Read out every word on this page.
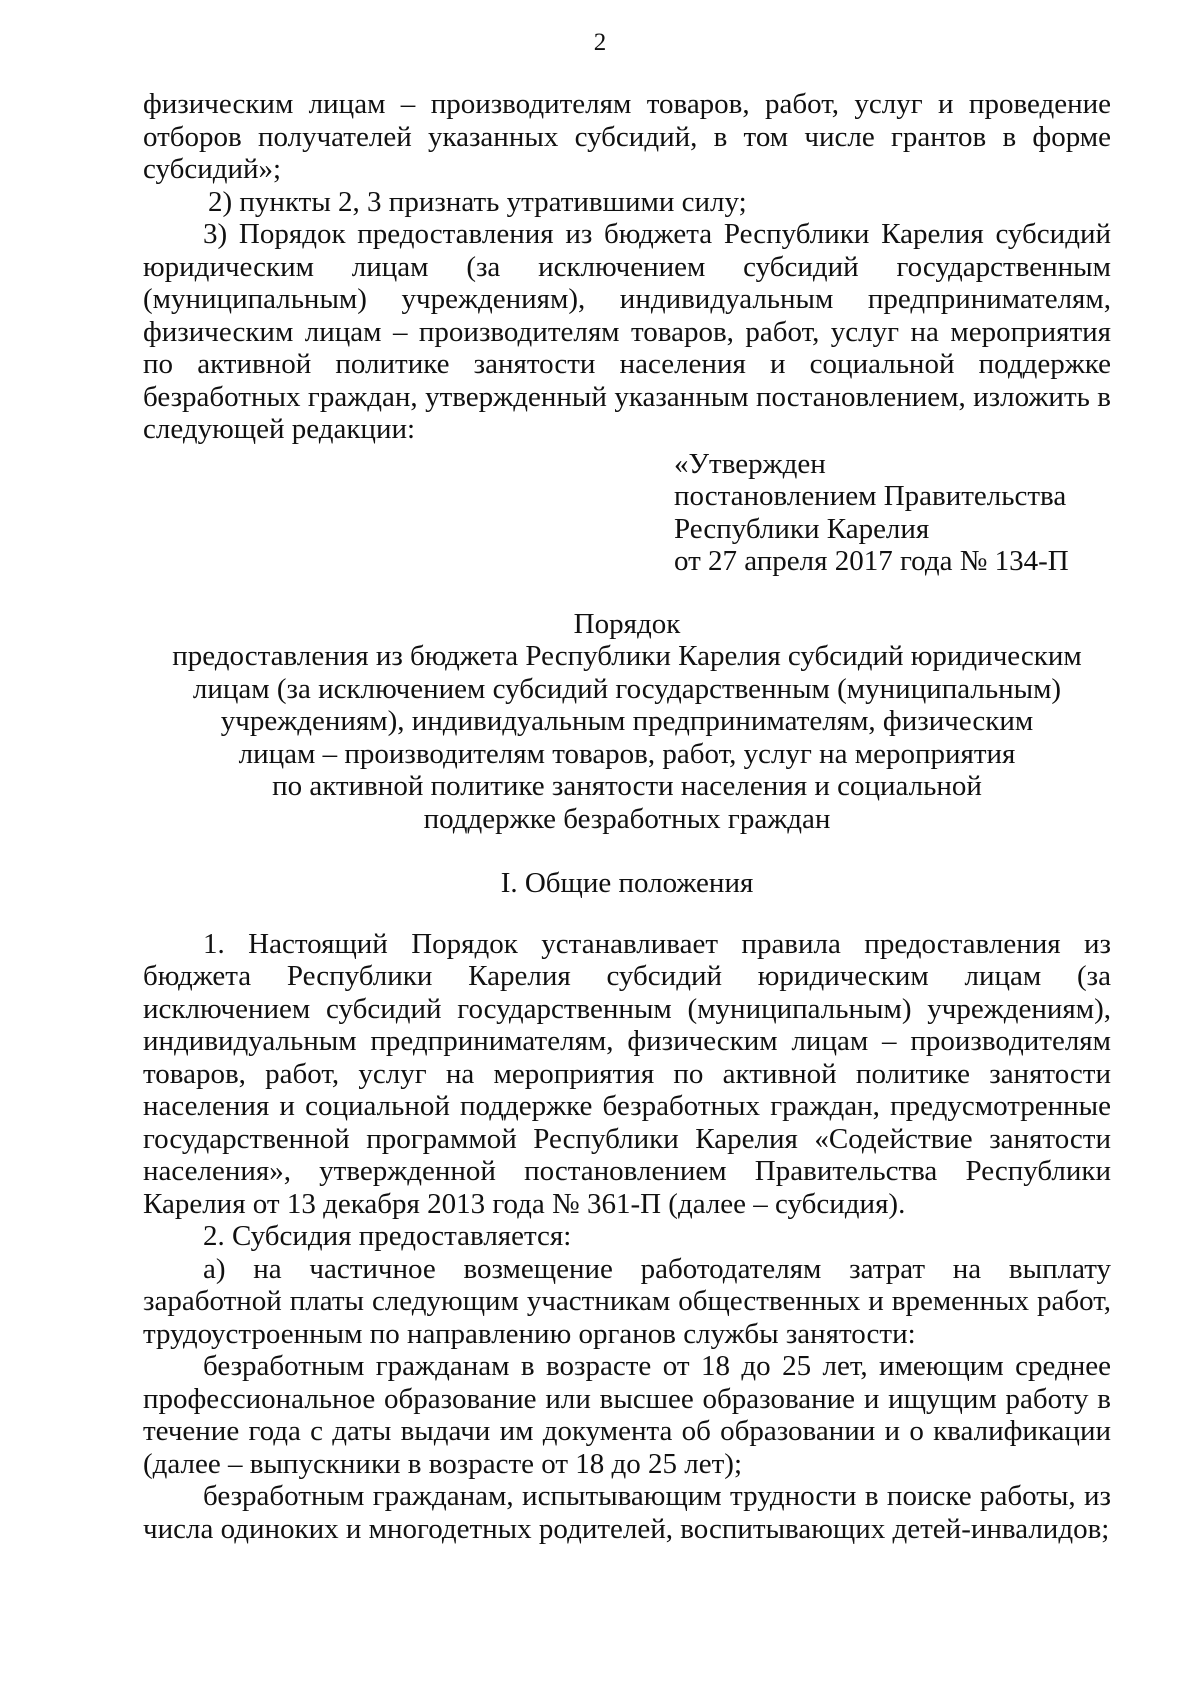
2

физическим лицам – производителям товаров, работ, услуг и проведение отборов получателей указанных субсидий, в том числе грантов в форме субсидий»;

2) пункты 2, 3 признать утратившими силу;

3) Порядок предоставления из бюджета Республики Карелия субсидий юридическим лицам (за исключением субсидий государственным (муниципальным) учреждениям), индивидуальным предпринимателям, физическим лицам – производителям товаров, работ, услуг на мероприятия по активной политике занятости населения и социальной поддержке безработных граждан, утвержденный указанным постановлением, изложить в следующей редакции:

«Утвержден
постановлением Правительства
Республики Карелия
от 27 апреля 2017 года № 134-П
Порядок
предоставления из бюджета Республики Карелия субсидий юридическим
лицам (за исключением субсидий государственным (муниципальным)
учреждениям), индивидуальным предпринимателям, физическим
лицам – производителям товаров, работ, услуг на мероприятия
по активной политике занятости населения и социальной
поддержке безработных граждан
I. Общие положения

1. Настоящий Порядок устанавливает правила предоставления из бюджета Республики Карелия субсидий юридическим лицам (за исключением субсидий государственным (муниципальным) учреждениям), индивидуальным предпринимателям, физическим лицам – производителям товаров, работ, услуг на мероприятия по активной политике занятости населения и социальной поддержке безработных граждан, предусмотренные государственной программой Республики Карелия «Содействие занятости населения», утвержденной постановлением Правительства Республики Карелия от 13 декабря 2013 года № 361-П (далее – субсидия).

2. Субсидия предоставляется:

а) на частичное возмещение работодателям затрат на выплату заработной платы следующим участникам общественных и временных работ, трудоустроенным по направлению органов службы занятости:

безработным гражданам в возрасте от 18 до 25 лет, имеющим среднее профессиональное образование или высшее образование и ищущим работу в течение года с даты выдачи им документа об образовании и о квалификации (далее – выпускники в возрасте от 18 до 25 лет);

безработным гражданам, испытывающим трудности в поиске работы, из числа одиноких и многодетных родителей, воспитывающих детей-инвалидов;
